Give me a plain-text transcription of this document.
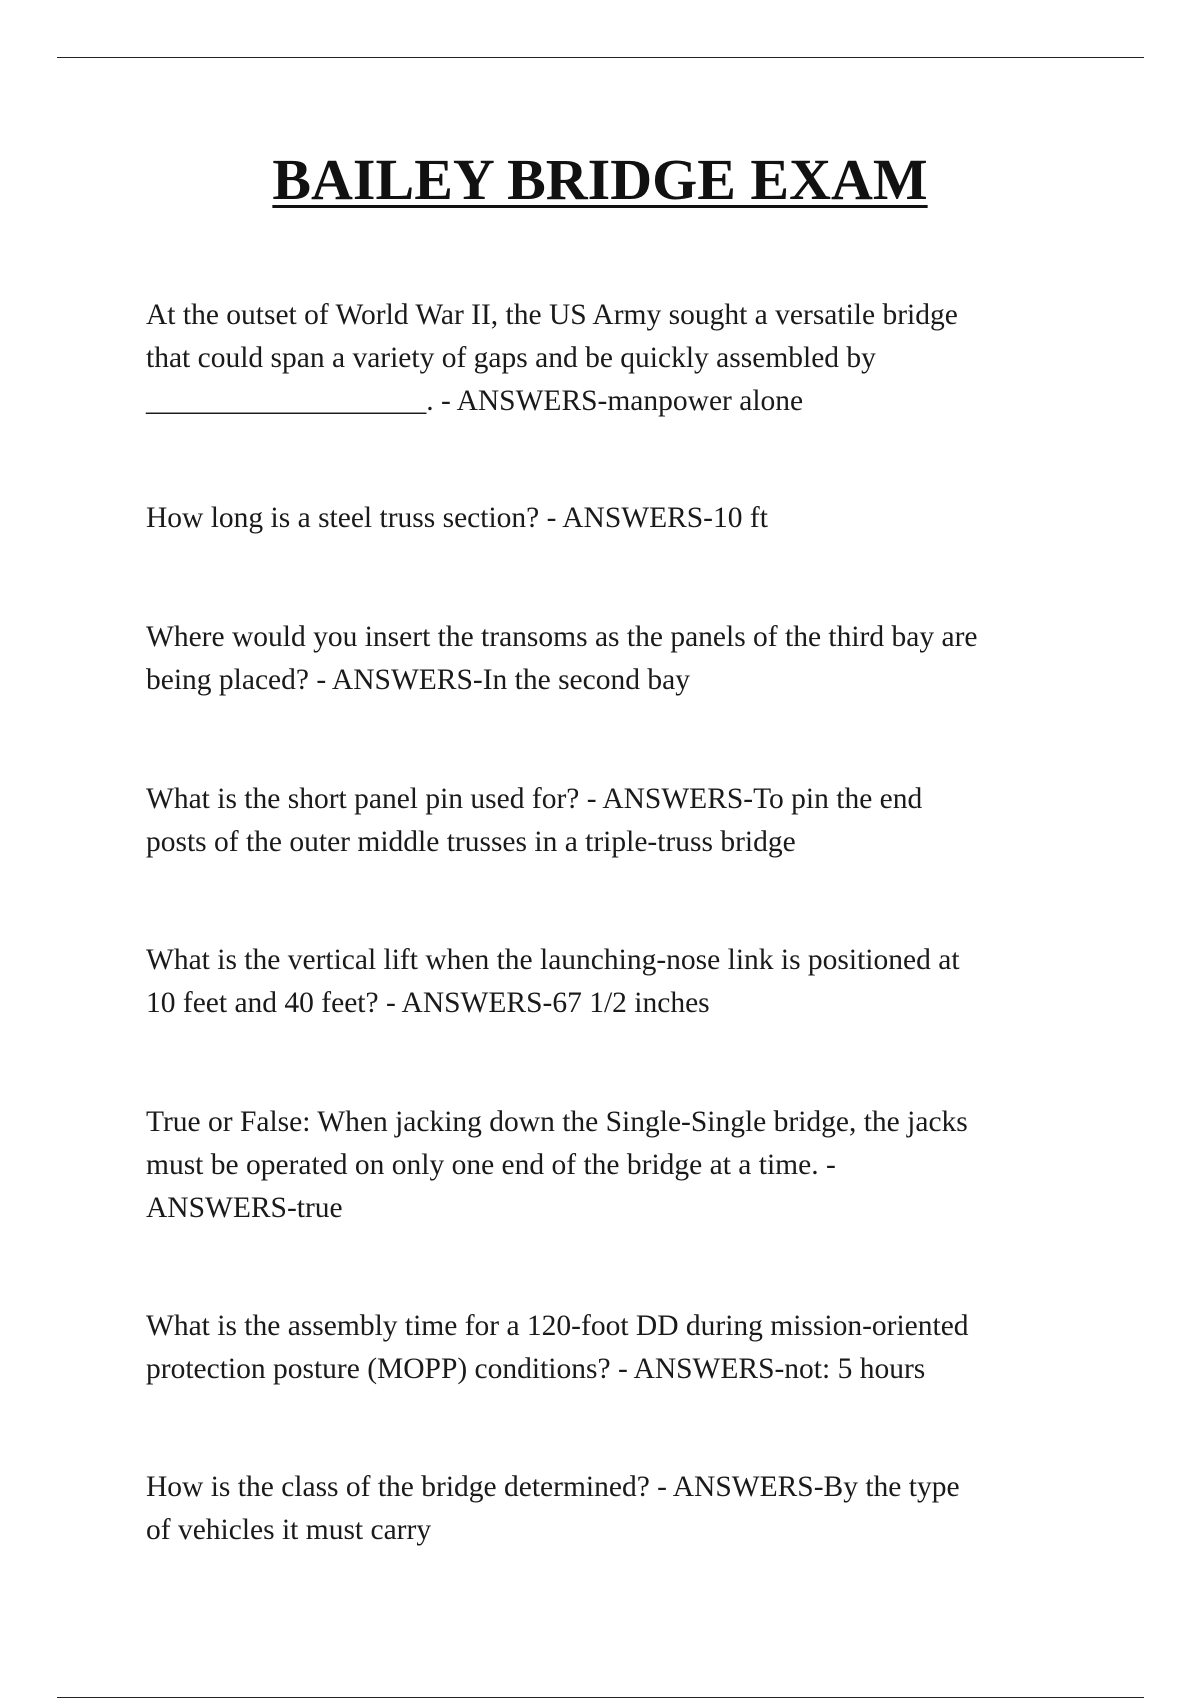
BAILEY BRIDGE EXAM

At the outset of World War II, the US Army sought a versatile bridge
that could span a variety of gaps and be quickly assembled by
___________________. - ANSWERS-manpower alone

How long is a steel truss section? - ANSWERS-10 ft

Where would you insert the transoms as the panels of the third bay are
being placed? - ANSWERS-In the second bay

What is the short panel pin used for? - ANSWERS-To pin the end
posts of the outer middle trusses in a triple-truss bridge

What is the vertical lift when the launching-nose link is positioned at
10 feet and 40 feet? - ANSWERS-67 1/2 inches

True or False: When jacking down the Single-Single bridge, the jacks
must be operated on only one end of the bridge at a time. -
ANSWERS-true

What is the assembly time for a 120-foot DD during mission-oriented
protection posture (MOPP) conditions? - ANSWERS-not: 5 hours

How is the class of the bridge determined? - ANSWERS-By the type
of vehicles it must carry
